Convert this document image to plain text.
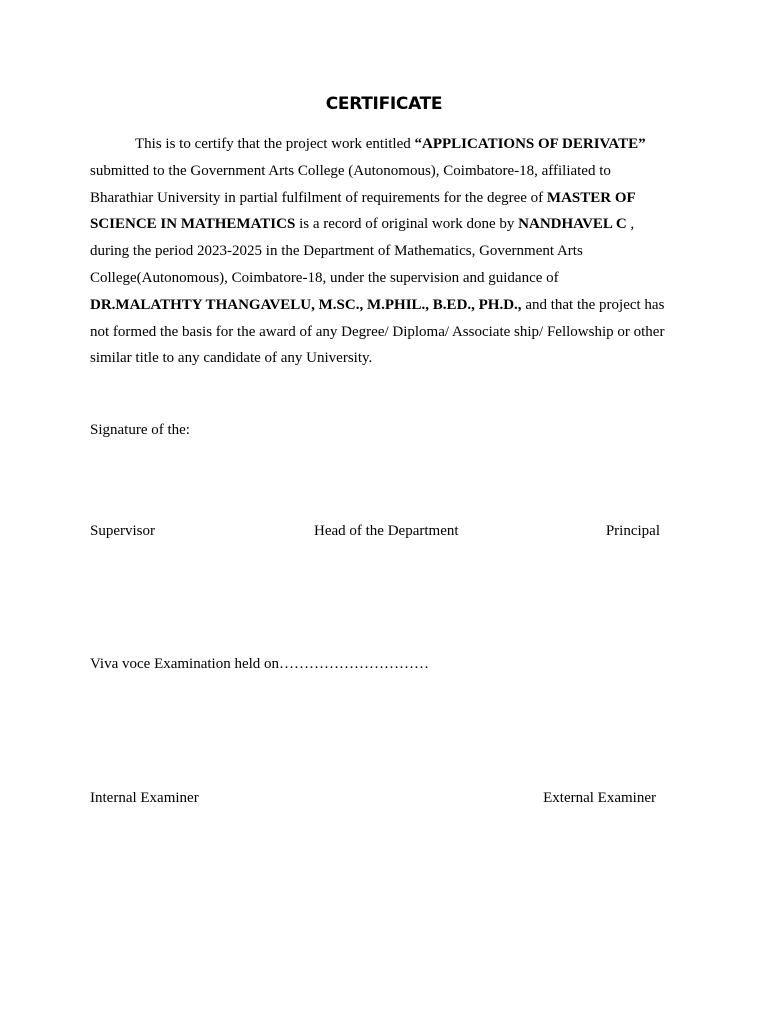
CERTIFICATE
This is to certify that the project work entitled “APPLICATIONS OF DERIVATE”
submitted to the Government Arts College (Autonomous), Coimbatore-18, affiliated to
Bharathiar University in partial fulfilment of requirements for the degree of MASTER OF
SCIENCE IN MATHEMATICS is a record of original work done by NANDHAVEL C ,
during the period 2023-2025 in the Department of Mathematics, Government Arts
College(Autonomous), Coimbatore-18, under the supervision and guidance of
DR.MALATHTY THANGAVELU, M.SC., M.PHIL., B.ED., PH.D., and that the project has
not formed the basis for the award of any Degree/ Diploma/ Associate ship/ Fellowship or other
similar title to any candidate of any University.
Signature of the:
Supervisor	Head of the Department	Principal
Viva voce Examination held on…………………………
Internal Examiner	External Examiner
